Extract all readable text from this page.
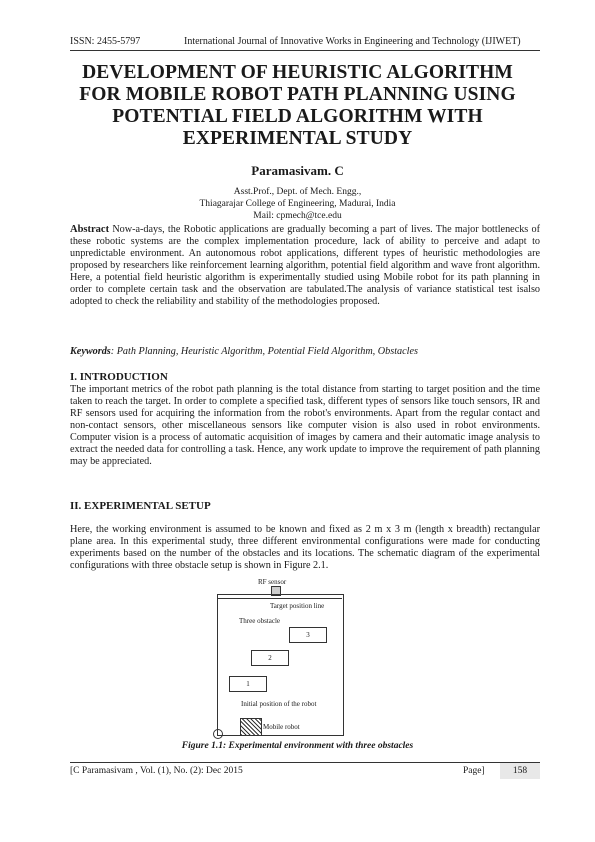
ISSN: 2455-5797	International Journal of Innovative Works in Engineering and Technology (IJIWET)
DEVELOPMENT OF HEURISTIC ALGORITHM FOR MOBILE ROBOT PATH PLANNING USING POTENTIAL FIELD ALGORITHM WITH EXPERIMENTAL STUDY
Paramasivam. C
Asst.Prof., Dept. of Mech. Engg.,
Thiagarajar College of Engineering, Madurai, India
Mail: cpmech@tce.edu
Abstract Now-a-days, the Robotic applications are gradually becoming a part of lives. The major bottlenecks of these robotic systems are the complex implementation procedure, lack of ability to perceive and adapt to unpredictable environment. An autonomous robot applications, different types of heuristic methodologies are proposed by researchers like reinforcement learning algorithm, potential field algorithm and wave front algorithm. Here, a potential field heuristic algorithm is experimentally studied using Mobile robot for its path planning in order to complete certain task and the observation are tabulated.The analysis of variance statistical test isalso adopted to check the reliability and stability of the methodologies proposed.
Keywords: Path Planning, Heuristic Algorithm, Potential Field Algorithm, Obstacles
I. INTRODUCTION
The important metrics of the robot path planning is the total distance from starting to target position and the time taken to reach the target. In order to complete a specified task, different types of sensors like touch sensors, IR and RF sensors used for acquiring the information from the robot's environments. Apart from the regular contact and non-contact sensors, other miscellaneous sensors like computer vision is also used in robot environments. Computer vision is a process of automatic acquisition of images by camera and their automatic image analysis to extract the needed data for controlling a task. Hence, any work update to improve the requirement of path planning may be appreciated.
II. EXPERIMENTAL SETUP
Here, the working environment is assumed to be known and fixed as 2 m x 3 m (length x breadth) rectangular plane area. In this experimental study, three different environmental configurations were made for conducting experiments based on the number of the obstacles and its locations. The schematic diagram of the experimental configurations with three obstacle setup is shown in Figure 2.1.
RF sensor
Target position line
Three obstacle
3
2
1
Initial position of the robot
Mobile robot
Figure 1.1: Experimental environment with three obstacles
[C Paramasivam , Vol. (1), No. (2): Dec 2015	Page]	158
